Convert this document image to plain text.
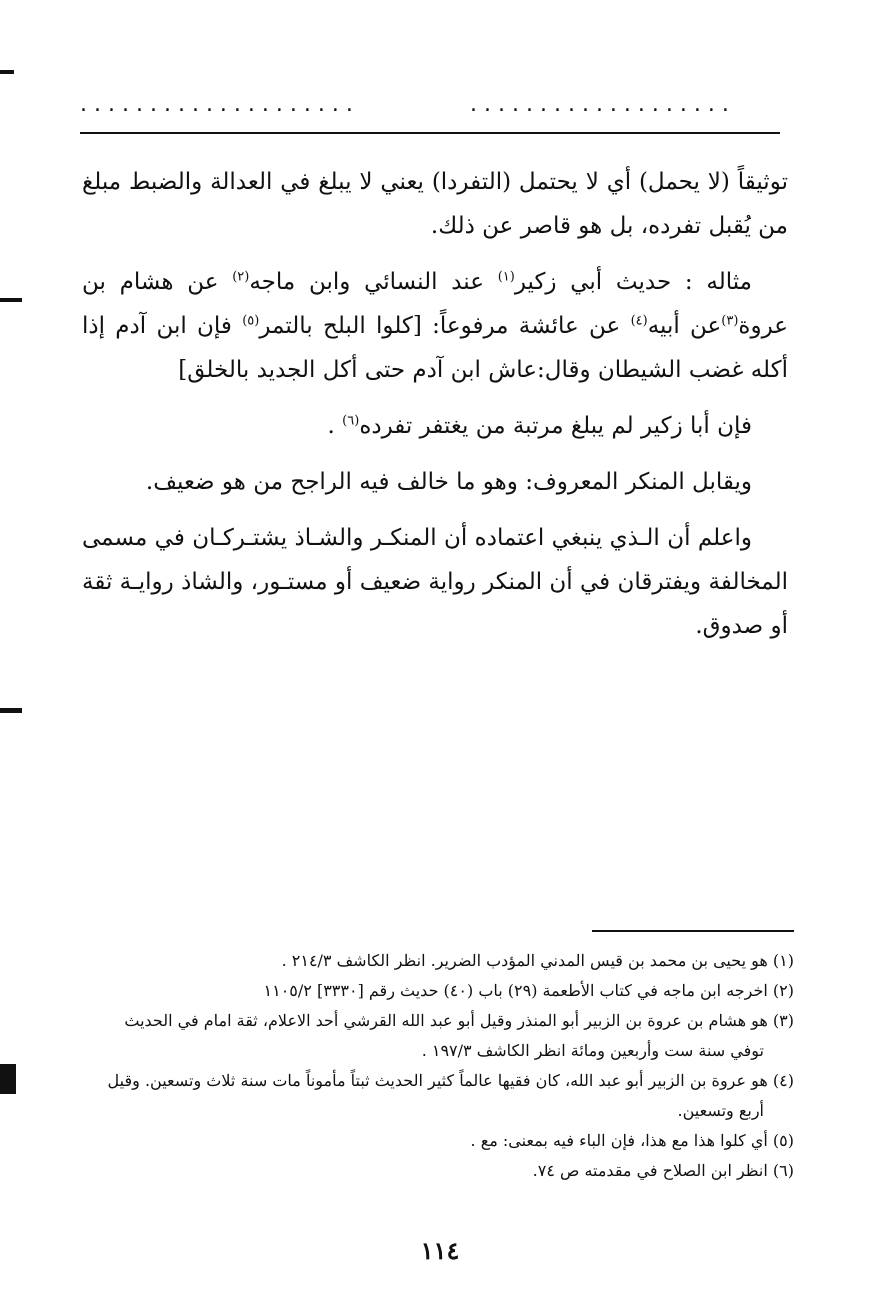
....................	...................

توثيقاً (لا يحمل) أي لا يحتمل (التفردا) يعني لا يبلغ في العدالة والضبط مبلغ من يُقبل تفرده، بل هو قاصر عن ذلك.

مثاله : حديث أبي زكير$^{(١)}$ عند النسائي وابن ماجه$^{(٢)}$ عن هشام بن عروة$^{(٣)}$عن أبيه$^{(٤)}$ عن عائشة مرفوعاً: [كلوا البلح بالتمر$^{(٥)}$ فإن ابن آدم إذا أكله غضب الشيطان وقال:عاش ابن آدم حتى أكل الجديد بالخلق]

فإن أبا زكير لم يبلغ مرتبة من يغتفر تفرده$^{(٦)}$ .

ويقابل المنكر المعروف: وهو ما خالف فيه الراجح من هو ضعيف.

واعلم أن الـذي ينبغي اعتماده أن المنكـر والشـاذ يشتـركـان في مسمى المخالفة ويفترقان في أن المنكر رواية ضعيف أو مستـور، والشاذ روايـة ثقة أو صدوق.

(١) هو يحيى بن محمد بن قيس المدني المؤدب الضرير. انظر الكاشف ٢١٤/٣ .

(٢) اخرجه ابن ماجه في كتاب الأطعمة (٢٩) باب (٤٠) حديث رقم [٣٣٣٠] ١١٠٥/٢

(٣) هو هشام بن عروة بن الزبير أبو المنذر وقيل أبو عبد الله القرشي أحد الاعلام، ثقة امام في الحديث توفي سنة ست وأربعين ومائة انظر الكاشف ١٩٧/٣ .

(٤) هو عروة بن الزبير أبو عبد الله، كان فقيها عالماً كثير الحديث ثبتاً مأموناً مات سنة ثلاث وتسعين. وقيل أربع وتسعين.

(٥) أي كلوا هذا مع هذا، فإن الباء فيه بمعنى: مع .

(٦) انظر ابن الصلاح في مقدمته ص ٧٤.

١١٤
